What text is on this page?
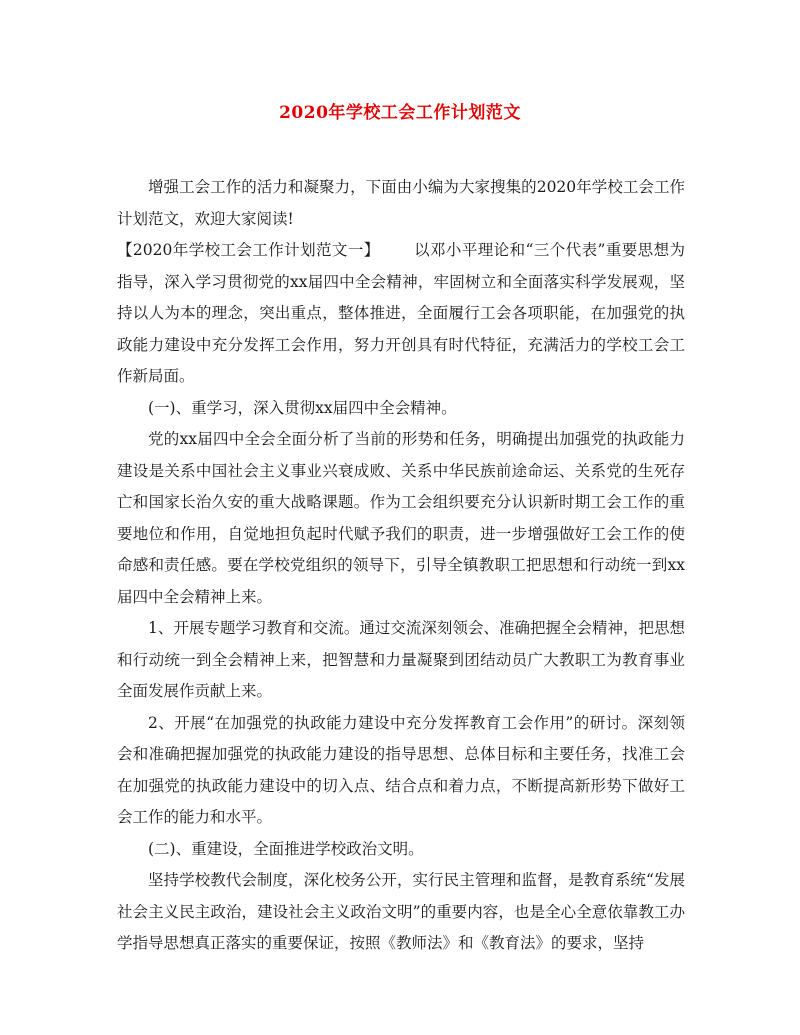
2020年学校工会工作计划范文

增强工会工作的活力和凝聚力，下面由小编为大家搜集的2020年学校工会工作计划范文，欢迎大家阅读!

【2020年学校工会工作计划范文一】 以邓小平理论和“三个代表”重要思想为指导，深入学习贯彻党的xx届四中全会精神，牢固树立和全面落实科学发展观，坚持以人为本的理念，突出重点，整体推进，全面履行工会各项职能，在加强党的执政能力建设中充分发挥工会作用，努力开创具有时代特征，充满活力的学校工会工作新局面。

(一)、重学习，深入贯彻xx届四中全会精神。

党的xx届四中全会全面分析了当前的形势和任务，明确提出加强党的执政能力建设是关系中国社会主义事业兴衰成败、关系中华民族前途命运、关系党的生死存亡和国家长治久安的重大战略课题。作为工会组织要充分认识新时期工会工作的重要地位和作用，自觉地担负起时代赋予我们的职责，进一步增强做好工会工作的使命感和责任感。要在学校党组织的领导下，引导全镇教职工把思想和行动统一到xx届四中全会精神上来。

1、开展专题学习教育和交流。通过交流深刻领会、准确把握全会精神，把思想和行动统一到全会精神上来，把智慧和力量凝聚到团结动员广大教职工为教育事业全面发展作贡献上来。

2、开展“在加强党的执政能力建设中充分发挥教育工会作用”的研讨。深刻领会和准确把握加强党的执政能力建设的指导思想、总体目标和主要任务，找准工会在加强党的执政能力建设中的切入点、结合点和着力点，不断提高新形势下做好工会工作的能力和水平。

(二)、重建设，全面推进学校政治文明。

坚持学校教代会制度，深化校务公开，实行民主管理和监督，是教育系统“发展社会主义民主政治，建设社会主义政治文明”的重要内容，也是全心全意依靠教工办学指导思想真正落实的重要保证，按照《教师法》和《教育法》的要求，坚持
